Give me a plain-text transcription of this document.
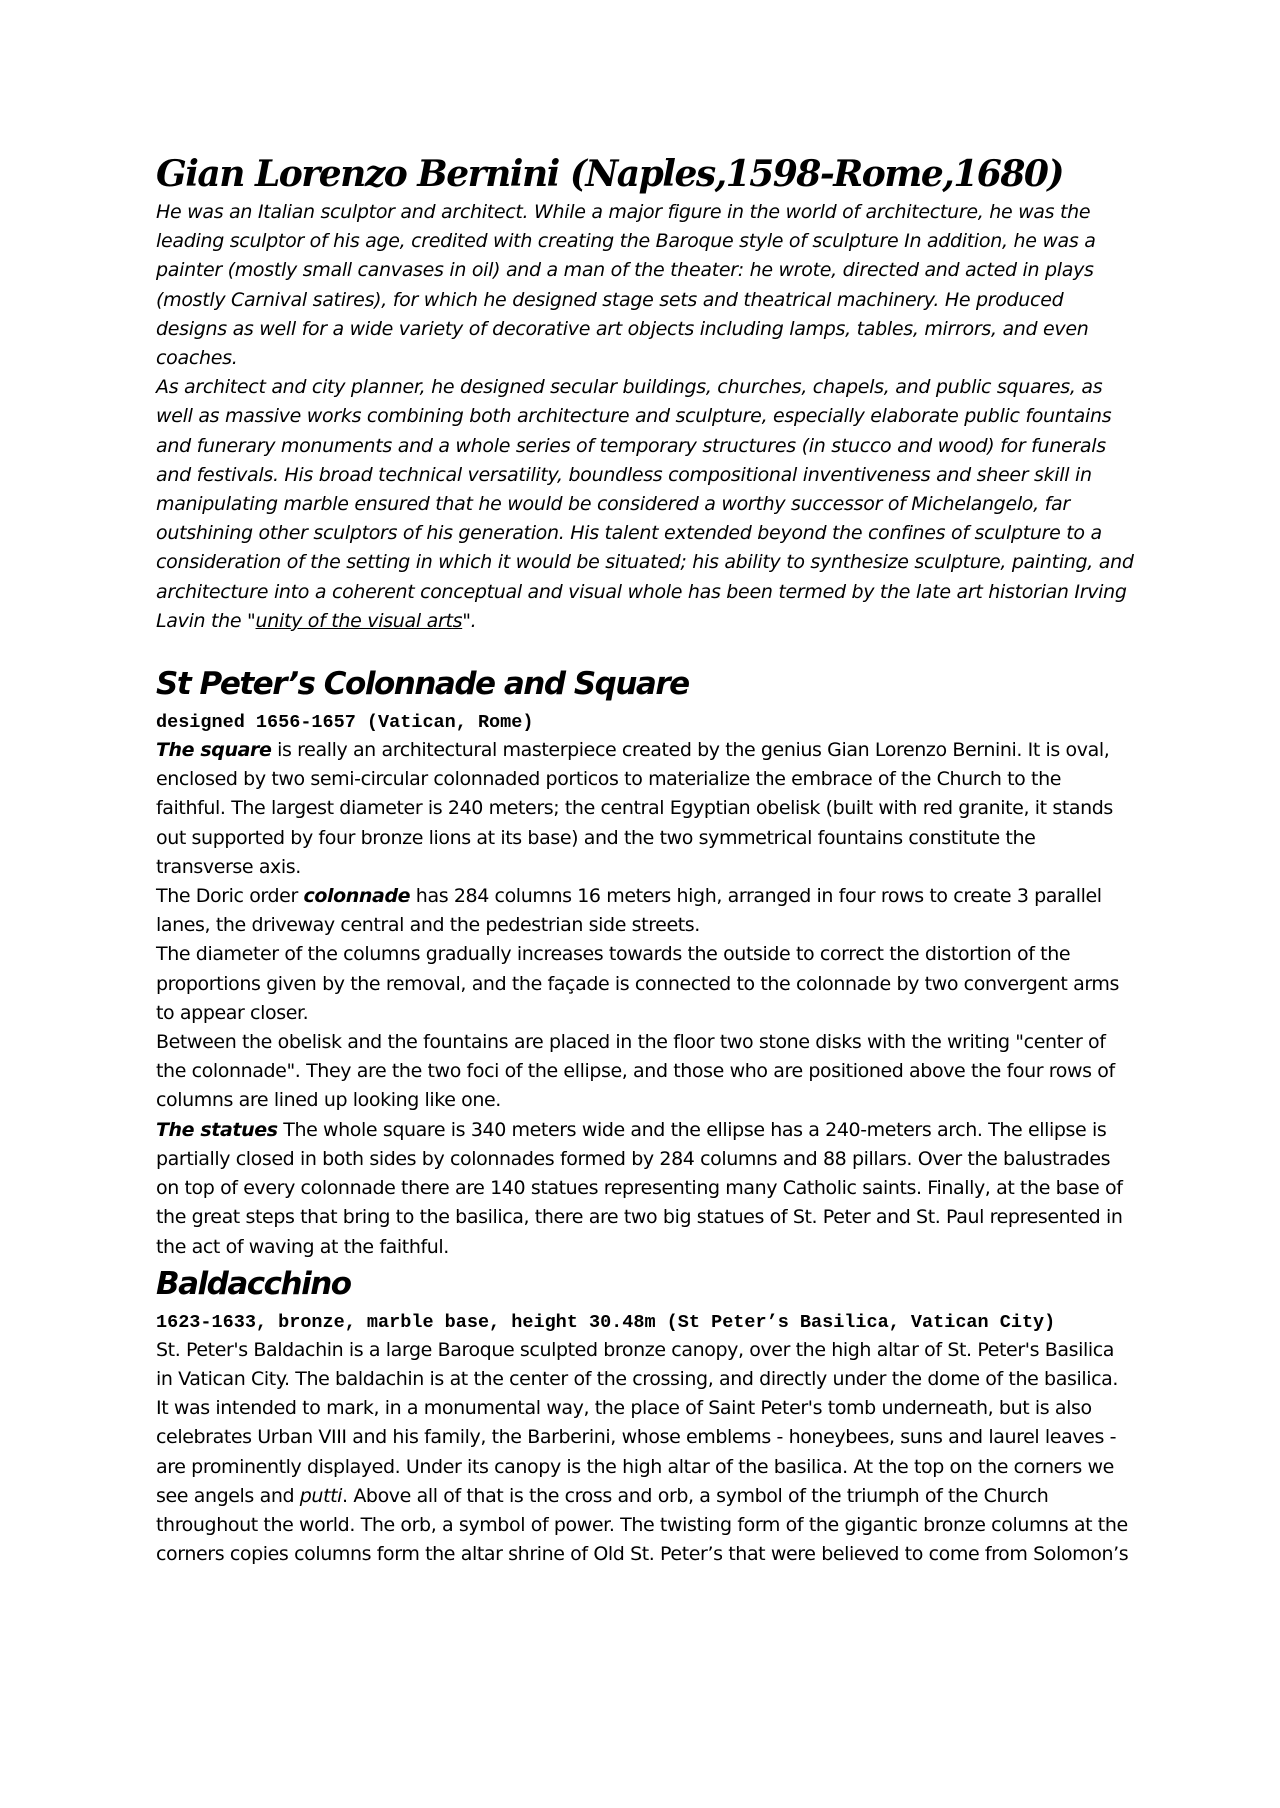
Gian Lorenzo Bernini (Naples,1598-Rome,1680)

He was an Italian sculptor and architect. While a major figure in the world of architecture, he was the leading sculptor of his age, credited with creating the Baroque style of sculpture In addition, he was a painter (mostly small canvases in oil) and a man of the theater: he wrote, directed and acted in plays (mostly Carnival satires), for which he designed stage sets and theatrical machinery. He produced designs as well for a wide variety of decorative art objects including lamps, tables, mirrors, and even coaches.

As architect and city planner, he designed secular buildings, churches, chapels, and public squares, as well as massive works combining both architecture and sculpture, especially elaborate public fountains and funerary monuments and a whole series of temporary structures (in stucco and wood) for funerals and festivals. His broad technical versatility, boundless compositional inventiveness and sheer skill in manipulating marble ensured that he would be considered a worthy successor of Michelangelo, far outshining other sculptors of his generation. His talent extended beyond the confines of sculpture to a consideration of the setting in which it would be situated; his ability to synthesize sculpture, painting, and architecture into a coherent conceptual and visual whole has been termed by the late art historian Irving Lavin the "unity of the visual arts".

St Peter’s Colonnade and Square

designed 1656-1657 (Vatican, Rome)

The square is really an architectural masterpiece created by the genius Gian Lorenzo Bernini. It is oval, enclosed by two semi-circular colonnaded porticos to materialize the embrace of the Church to the faithful. The largest diameter is 240 meters; the central Egyptian obelisk (built with red granite, it stands out supported by four bronze lions at its base) and the two symmetrical fountains constitute the transverse axis.

The Doric order colonnade has 284 columns 16 meters high, arranged in four rows to create 3 parallel lanes, the driveway central and the pedestrian side streets.

The diameter of the columns gradually increases towards the outside to correct the distortion of the proportions given by the removal, and the façade is connected to the colonnade by two convergent arms to appear closer.

Between the obelisk and the fountains are placed in the floor two stone disks with the writing "center of the colonnade". They are the two foci of the ellipse, and those who are positioned above the four rows of columns are lined up looking like one.

The statues The whole square is 340 meters wide and the ellipse has a 240-meters arch. The ellipse is partially closed in both sides by colonnades formed by 284 columns and 88 pillars. Over the balustrades on top of every colonnade there are 140 statues representing many Catholic saints. Finally, at the base of the great steps that bring to the basilica, there are two big statues of St. Peter and St. Paul represented in the act of waving at the faithful.

Baldacchino

1623-1633, bronze, marble base, height 30.48m (St Peter’s Basilica, Vatican City)

St. Peter's Baldachin is a large Baroque sculpted bronze canopy, over the high altar of St. Peter's Basilica in Vatican City. The baldachin is at the center of the crossing, and directly under the dome of the basilica. It was intended to mark, in a monumental way, the place of Saint Peter's tomb underneath, but is also celebrates Urban VIII and his family, the Barberini, whose emblems - honeybees, suns and laurel leaves - are prominently displayed. Under its canopy is the high altar of the basilica. At the top on the corners we see angels and putti. Above all of that is the cross and orb, a symbol of the triumph of the Church throughout the world. The orb, a symbol of power. The twisting form of the gigantic bronze columns at the corners copies columns form the altar shrine of Old St. Peter’s that were believed to come from Solomon’s
